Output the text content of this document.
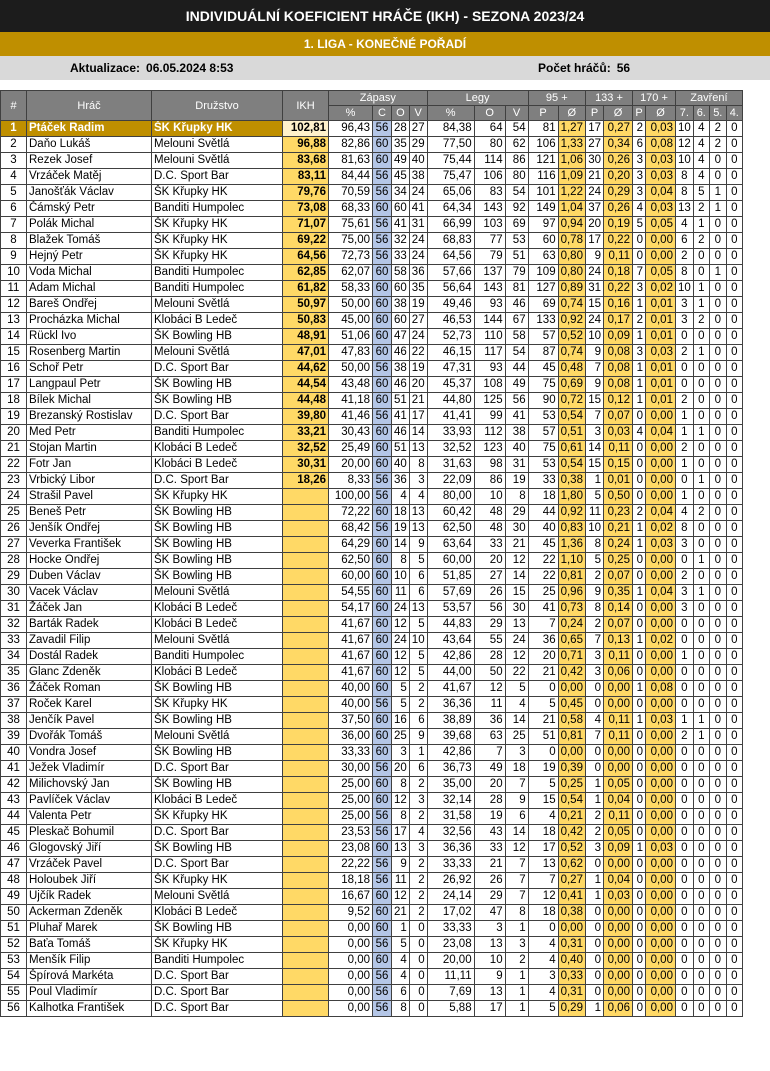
INDIVIDUÁLNÍ KOEFICIENT HRÁČE (IKH) - SEZONA 2023/24
1. LIGA - KONEČNÉ POŘADÍ
Aktualizace: 06.05.2024 8:53	Počet hráčů: 56
#	Hráč	Družstvo	IKH	Zápasy				Legy			95 +		133 +		170 +		Zavření			
				%	C	O	V	%	O	V	P	Ø	P	Ø	P	Ø	7.	6.	5.	4.
1	Ptáček Radim	ŠK Křupky HK	102,81	96,43	56	28	27	84,38	64	54	81	1,27	17	0,27	2	0,03	10	4	2	0
2	Daňo Lukáš	Melouni Světlá	96,88	82,86	60	35	29	77,50	80	62	106	1,33	27	0,34	6	0,08	12	4	2	0
3	Rezek Josef	Melouni Světlá	83,68	81,63	60	49	40	75,44	114	86	121	1,06	30	0,26	3	0,03	10	4	0	0
4	Vrzáček Matěj	D.C. Sport Bar	83,11	84,44	56	45	38	75,47	106	80	116	1,09	21	0,20	3	0,03	8	4	0	0
5	Janošťák Václav	ŠK Křupky HK	79,76	70,59	56	34	24	65,06	83	54	101	1,22	24	0,29	3	0,04	8	5	1	0
6	Čámský Petr	Banditi Humpolec	73,08	68,33	60	60	41	64,34	143	92	149	1,04	37	0,26	4	0,03	13	2	1	0
7	Polák Michal	ŠK Křupky HK	71,07	75,61	56	41	31	66,99	103	69	97	0,94	20	0,19	5	0,05	4	1	0	0
8	Blažek Tomáš	ŠK Křupky HK	69,22	75,00	56	32	24	68,83	77	53	60	0,78	17	0,22	0	0,00	6	2	0	0
9	Hejný Petr	ŠK Křupky HK	64,56	72,73	56	33	24	64,56	79	51	63	0,80	9	0,11	0	0,00	2	0	0	0
10	Voda Michal	Banditi Humpolec	62,85	62,07	60	58	36	57,66	137	79	109	0,80	24	0,18	7	0,05	8	0	1	0
11	Adam Michal	Banditi Humpolec	61,82	58,33	60	60	35	56,64	143	81	127	0,89	31	0,22	3	0,02	10	1	0	0
12	Bareš Ondřej	Melouni Světlá	50,97	50,00	60	38	19	49,46	93	46	69	0,74	15	0,16	1	0,01	3	1	0	0
13	Procházka Michal	Klobáci B Ledeč	50,83	45,00	60	60	27	46,53	144	67	133	0,92	24	0,17	2	0,01	3	2	0	0
14	Rückl Ivo	ŠK Bowling HB	48,91	51,06	60	47	24	52,73	110	58	57	0,52	10	0,09	1	0,01	0	0	0	0
15	Rosenberg Martin	Melouni Světlá	47,01	47,83	60	46	22	46,15	117	54	87	0,74	9	0,08	3	0,03	2	1	0	0
16	Schoř Petr	D.C. Sport Bar	44,62	50,00	56	38	19	47,31	93	44	45	0,48	7	0,08	1	0,01	0	0	0	0
17	Langpaul Petr	ŠK Bowling HB	44,54	43,48	60	46	20	45,37	108	49	75	0,69	9	0,08	1	0,01	0	0	0	0
18	Bílek Michal	ŠK Bowling HB	44,48	41,18	60	51	21	44,80	125	56	90	0,72	15	0,12	1	0,01	2	0	0	0
19	Brezanský Rostislav	D.C. Sport Bar	39,80	41,46	56	41	17	41,41	99	41	53	0,54	7	0,07	0	0,00	1	0	0	0
20	Med Petr	Banditi Humpolec	33,21	30,43	60	46	14	33,93	112	38	57	0,51	3	0,03	4	0,04	1	1	0	0
21	Stojan Martin	Klobáci B Ledeč	32,52	25,49	60	51	13	32,52	123	40	75	0,61	14	0,11	0	0,00	2	0	0	0
22	Fotr Jan	Klobáci B Ledeč	30,31	20,00	60	40	8	31,63	98	31	53	0,54	15	0,15	0	0,00	1	0	0	0
23	Vrbický Libor	D.C. Sport Bar	18,26	8,33	56	36	3	22,09	86	19	33	0,38	1	0,01	0	0,00	0	1	0	0
24	Strašil Pavel	ŠK Křupky HK		100,00	56	4	4	80,00	10	8	18	1,80	5	0,50	0	0,00	1	0	0	0
25	Beneš Petr	ŠK Bowling HB		72,22	60	18	13	60,42	48	29	44	0,92	11	0,23	2	0,04	4	2	0	0
26	Jenšík Ondřej	ŠK Bowling HB		68,42	56	19	13	62,50	48	30	40	0,83	10	0,21	1	0,02	8	0	0	0
27	Veverka František	ŠK Bowling HB		64,29	60	14	9	63,64	33	21	45	1,36	8	0,24	1	0,03	3	0	0	0
28	Hocke Ondřej	ŠK Bowling HB		62,50	60	8	5	60,00	20	12	22	1,10	5	0,25	0	0,00	0	1	0	0
29	Duben Václav	ŠK Bowling HB		60,00	60	10	6	51,85	27	14	22	0,81	2	0,07	0	0,00	2	0	0	0
30	Vacek Václav	Melouni Světlá		54,55	60	11	6	57,69	26	15	25	0,96	9	0,35	1	0,04	3	1	0	0
31	Žáček Jan	Klobáci B Ledeč		54,17	60	24	13	53,57	56	30	41	0,73	8	0,14	0	0,00	3	0	0	0
32	Barták Radek	Klobáci B Ledeč		41,67	60	12	5	44,83	29	13	7	0,24	2	0,07	0	0,00	0	0	0	0
33	Zavadil Filip	Melouni Světlá		41,67	60	24	10	43,64	55	24	36	0,65	7	0,13	1	0,02	0	0	0	0
34	Dostál Radek	Banditi Humpolec		41,67	60	12	5	42,86	28	12	20	0,71	3	0,11	0	0,00	1	0	0	0
35	Glanc Zdeněk	Klobáci B Ledeč		41,67	60	12	5	44,00	50	22	21	0,42	3	0,06	0	0,00	0	0	0	0
36	Žáček Roman	ŠK Bowling HB		40,00	60	5	2	41,67	12	5	0	0,00	0	0,00	1	0,08	0	0	0	0
37	Roček Karel	ŠK Křupky HK		40,00	56	5	2	36,36	11	4	5	0,45	0	0,00	0	0,00	0	0	0	0
38	Jenčík Pavel	ŠK Bowling HB		37,50	60	16	6	38,89	36	14	21	0,58	4	0,11	1	0,03	1	1	0	0
39	Dvořák Tomáš	Melouni Světlá		36,00	60	25	9	39,68	63	25	51	0,81	7	0,11	0	0,00	2	1	0	0
40	Vondra Josef	ŠK Bowling HB		33,33	60	3	1	42,86	7	3	0	0,00	0	0,00	0	0,00	0	0	0	0
41	Ježek Vladimír	D.C. Sport Bar		30,00	56	20	6	36,73	49	18	19	0,39	0	0,00	0	0,00	0	0	0	0
42	Milichovský Jan	ŠK Bowling HB		25,00	60	8	2	35,00	20	7	5	0,25	1	0,05	0	0,00	0	0	0	0
43	Pavlíček Václav	Klobáci B Ledeč		25,00	60	12	3	32,14	28	9	15	0,54	1	0,04	0	0,00	0	0	0	0
44	Valenta Petr	ŠK Křupky HK		25,00	56	8	2	31,58	19	6	4	0,21	2	0,11	0	0,00	0	0	0	0
45	Pleskač Bohumil	D.C. Sport Bar		23,53	56	17	4	32,56	43	14	18	0,42	2	0,05	0	0,00	0	0	0	0
46	Glogovský Jiří	ŠK Bowling HB		23,08	60	13	3	36,36	33	12	17	0,52	3	0,09	1	0,03	0	0	0	0
47	Vrzáček Pavel	D.C. Sport Bar		22,22	56	9	2	33,33	21	7	13	0,62	0	0,00	0	0,00	0	0	0	0
48	Holoubek Jiří	ŠK Křupky HK		18,18	56	11	2	26,92	26	7	7	0,27	1	0,04	0	0,00	0	0	0	0
49	Ujčík Radek	Melouni Světlá		16,67	60	12	2	24,14	29	7	12	0,41	1	0,03	0	0,00	0	0	0	0
50	Ackerman Zdeněk	Klobáci B Ledeč		9,52	60	21	2	17,02	47	8	18	0,38	0	0,00	0	0,00	0	0	0	0
51	Pluhař Marek	ŠK Bowling HB		0,00	60	1	0	33,33	3	1	0	0,00	0	0,00	0	0,00	0	0	0	0
52	Baťa Tomáš	ŠK Křupky HK		0,00	56	5	0	23,08	13	3	4	0,31	0	0,00	0	0,00	0	0	0	0
53	Menšík Filip	Banditi Humpolec		0,00	60	4	0	20,00	10	2	4	0,40	0	0,00	0	0,00	0	0	0	0
54	Špírová Markéta	D.C. Sport Bar		0,00	56	4	0	11,11	9	1	3	0,33	0	0,00	0	0,00	0	0	0	0
55	Poul Vladimír	D.C. Sport Bar		0,00	56	6	0	7,69	13	1	4	0,31	0	0,00	0	0,00	0	0	0	0
56	Kalhotka František	D.C. Sport Bar		0,00	56	8	0	5,88	17	1	5	0,29	1	0,06	0	0,00	0	0	0	0
